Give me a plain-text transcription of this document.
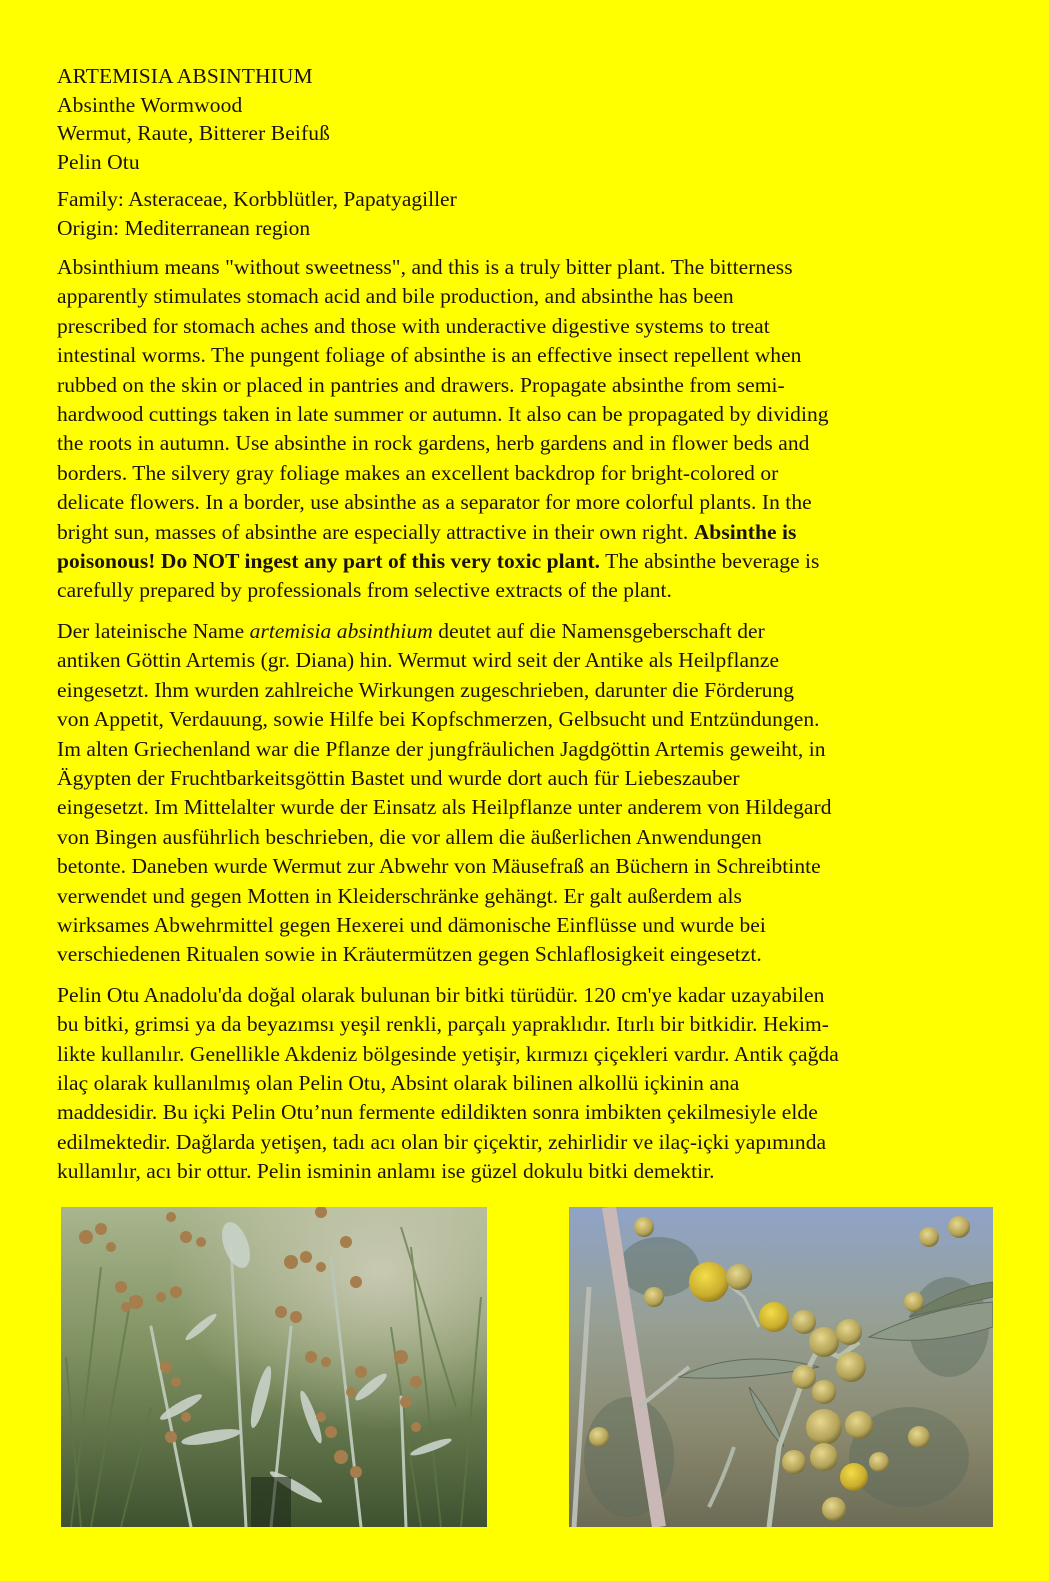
ARTEMISIA ABSINTHIUM
Absinthe Wormwood
Wermut, Raute, Bitterer Beifuß
Pelin Otu
Family: Asteraceae, Korbblütler, Papatyagiller
Origin: Mediterranean region
Absinthium means "without sweetness", and this is a truly bitter plant. The bitterness
apparently stimulates stomach acid and bile production, and absinthe has been
prescribed for stomach aches and those with underactive digestive systems to treat
intestinal worms. The pungent foliage of absinthe is an effective insect repellent when
rubbed on the skin or placed in pantries and drawers. Propagate absinthe from semi-
hardwood cuttings taken in late summer or autumn. It also can be propagated by dividing
the roots in autumn. Use absinthe in rock gardens, herb gardens and in flower beds and
borders. The silvery gray foliage makes an excellent backdrop for bright-colored or
delicate flowers. In a border, use absinthe as a separator for more colorful plants. In the
bright sun, masses of absinthe are especially attractive in their own right. Absinthe is
poisonous! Do NOT ingest any part of this very toxic plant. The absinthe beverage is
carefully prepared by professionals from selective extracts of the plant.
Der lateinische Name artemisia absinthium deutet auf die Namensgeberschaft der
antiken Göttin Artemis (gr. Diana) hin. Wermut wird seit der Antike als Heilpflanze
eingesetzt. Ihm wurden zahlreiche Wirkungen zugeschrieben, darunter die Förderung
von Appetit, Verdauung, sowie Hilfe bei Kopfschmerzen, Gelbsucht und Entzündungen.
Im alten Griechenland war die Pflanze der jungfräulichen Jagdgöttin Artemis geweiht, in
Ägypten der Fruchtbarkeitsgöttin Bastet und wurde dort auch für Liebeszauber
eingesetzt. Im Mittelalter wurde der Einsatz als Heilpflanze unter anderem von Hildegard
von Bingen ausführlich beschrieben, die vor allem die äußerlichen Anwendungen
betonte. Daneben wurde Wermut zur Abwehr von Mäusefraß an Büchern in Schreibtinte
verwendet und gegen Motten in Kleiderschränke gehängt. Er galt außerdem als
wirksames Abwehrmittel gegen Hexerei und dämonische Einflüsse und wurde bei
verschiedenen Ritualen sowie in Kräutermützen gegen Schlaflosigkeit eingesetzt.
Pelin Otu Anadolu'da doğal olarak bulunan bir bitki türüdür. 120 cm'ye kadar uzayabilen
bu bitki, grimsi ya da beyazımsı yeşil renkli, parçalı yapraklıdır. Itırlı bir bitkidir. Hekim-
likte kullanılır. Genellikle Akdeniz bölgesinde yetişir, kırmızı çiçekleri vardır. Antik çağda
ilaç olarak kullanılmış olan Pelin Otu, Absint olarak bilinen alkollü içkinin ana
maddesidir. Bu içki Pelin Otu’nun fermente edildikten sonra imbikten çekilmesiyle elde
edilmektedir. Dağlarda yetişen, tadı acı olan bir çiçektir, zehirlidir ve ilaç-içki yapımında
kullanılır, acı bir ottur. Pelin isminin anlamı ise güzel dokulu bitki demektir.
